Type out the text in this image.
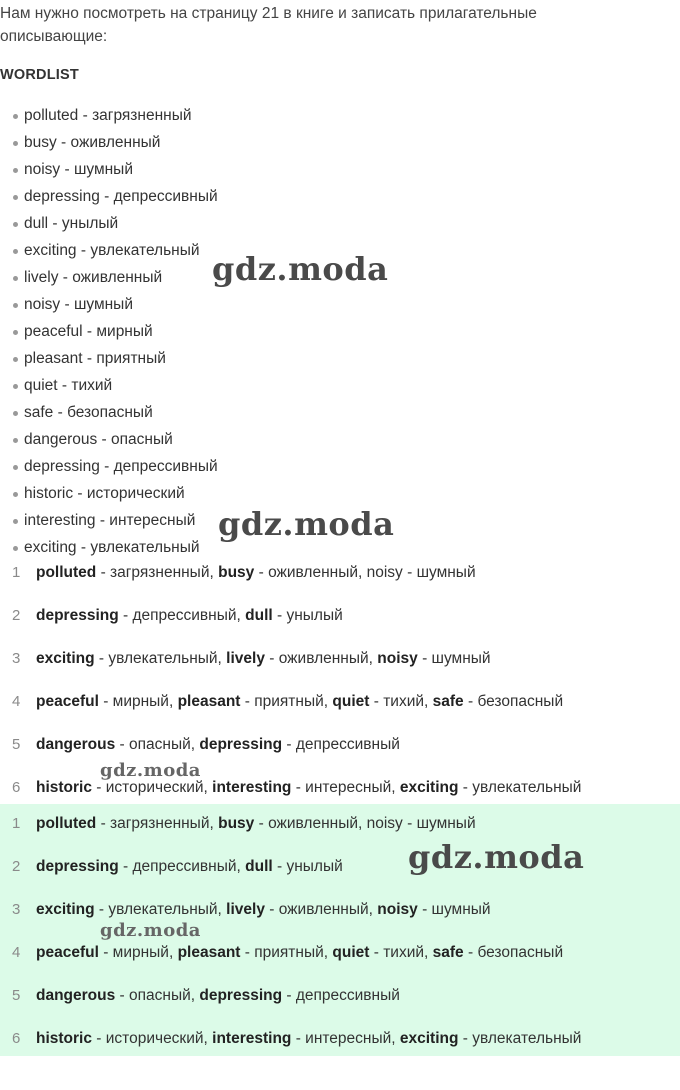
Нам нужно посмотреть на страницу 21 в книге и записать прилагательные описывающие:
WORDLIST
polluted - загрязненный
busy - оживленный
noisy - шумный
depressing - депрессивный
dull - унылый
exciting - увлекательный
lively - оживленный
noisy - шумный
peaceful - мирный
pleasant - приятный
quiet - тихий
safe - безопасный
dangerous - опасный
depressing - депрессивный
historic - исторический
interesting - интересный
exciting - увлекательный
1 polluted - загрязненный, busy - оживленный, noisy - шумный
2 depressing - депрессивный, dull - унылый
3 exciting - увлекательный, lively - оживленный, noisy - шумный
4 peaceful - мирный, pleasant - приятный, quiet - тихий, safe - безопасный
5 dangerous - опасный, depressing - депрессивный
6 historic - исторический, interesting - интересный, exciting - увлекательный
1 polluted - загрязненный, busy - оживленный, noisy - шумный
2 depressing - депрессивный, dull - унылый
3 exciting - увлекательный, lively - оживленный, noisy - шумный
4 peaceful - мирный, pleasant - приятный, quiet - тихий, safe - безопасный
5 dangerous - опасный, depressing - депрессивный
6 historic - исторический, interesting - интересный, exciting - увлекательный
gdz.moda
gdz.moda
gdz.moda
gdz.moda
gdz.moda
